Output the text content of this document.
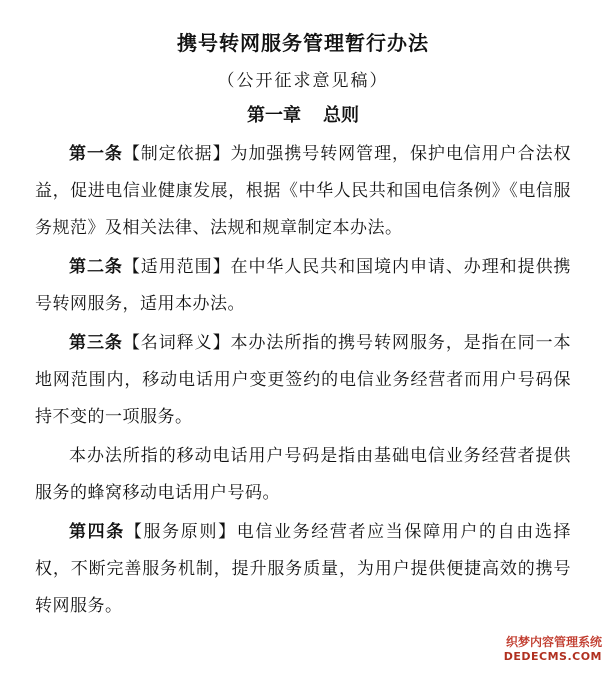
携号转网服务管理暂行办法
（公开征求意见稿）
第一章 总则

第一条【制定依据】为加强携号转网管理，保护电信用户合法权益，促进电信业健康发展，根据《中华人民共和国电信条例》《电信服务规范》及相关法律、法规和规章制定本办法。

第二条【适用范围】在中华人民共和国境内申请、办理和提供携号转网服务，适用本办法。

第三条【名词释义】本办法所指的携号转网服务，是指在同一本地网范围内，移动电话用户变更签约的电信业务经营者而用户号码保持不变的一项服务。

本办法所指的移动电话用户号码是指由基础电信业务经营者提供服务的蜂窝移动电话用户号码。

第四条【服务原则】电信业务经营者应当保障用户的自由选择权，不断完善服务机制，提升服务质量，为用户提供便捷高效的携号转网服务。

织梦内容管理系统
DEDECMS.COM
